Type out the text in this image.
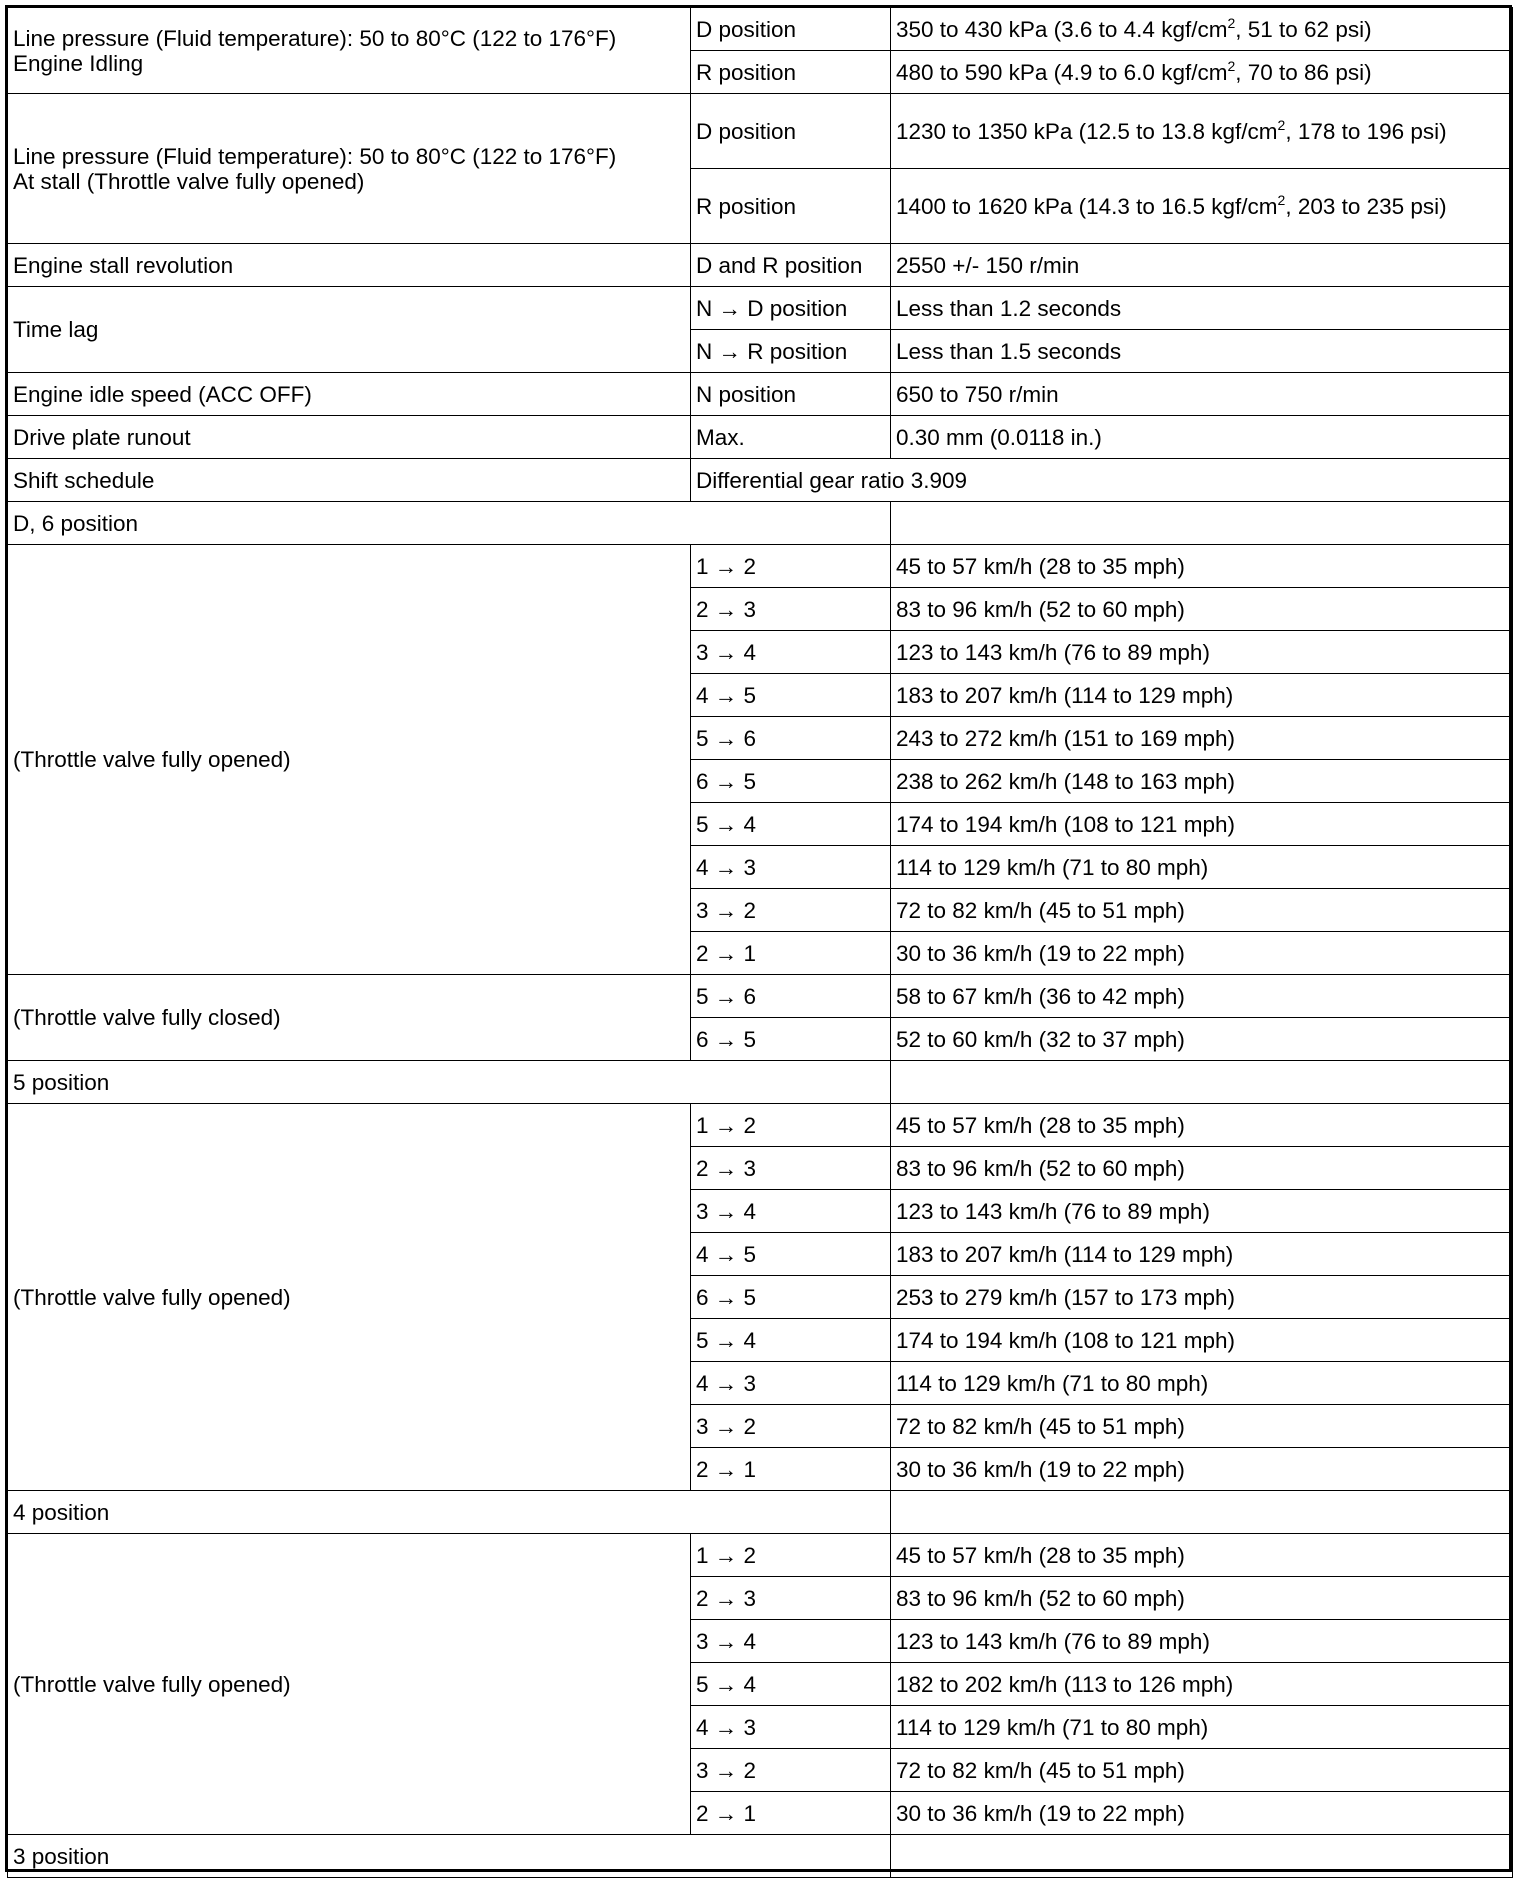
Line pressure (Fluid temperature): 50 to 80°C (122 to 176°F)
Engine Idling	D position	350 to 430 kPa (3.6 to 4.4 kgf/$cm^2$, 51 to 62 psi)
	R position	480 to 590 kPa (4.9 to 6.0 kgf/$cm^2$, 70 to 86 psi)

Line pressure (Fluid temperature): 50 to 80°C (122 to 176°F)
At stall (Throttle valve fully opened)	D position	1230 to 1350 kPa (12.5 to 13.8 kgf/$cm^2$, 178 to 196 psi)
	R position	1400 to 1620 kPa (14.3 to 16.5 kgf/$cm^2$, 203 to 235 psi)
Engine stall revolution	D and R position	2550 +/- 150 r/min
Time lag	N → D position	Less than 1.2 seconds
	N → R position	Less than 1.5 seconds
Engine idle speed (ACC OFF)	N position	650 to 750 r/min
Drive plate runout	Max.	0.30 mm (0.0118 in.)
Shift schedule	Differential gear ratio 3.909	
D, 6 position		
(Throttle valve fully opened)	1 → 2	45 to 57 km/h (28 to 35 mph)
	2 → 3	83 to 96 km/h (52 to 60 mph)
	3 → 4	123 to 143 km/h (76 to 89 mph)
	4 → 5	183 to 207 km/h (114 to 129 mph)
	5 → 6	243 to 272 km/h (151 to 169 mph)
	6 → 5	238 to 262 km/h (148 to 163 mph)
	5 → 4	174 to 194 km/h (108 to 121 mph)
	4 → 3	114 to 129 km/h (71 to 80 mph)
	3 → 2	72 to 82 km/h (45 to 51 mph)
	2 → 1	30 to 36 km/h (19 to 22 mph)
(Throttle valve fully closed)	5 → 6	58 to 67 km/h (36 to 42 mph)
	6 → 5	52 to 60 km/h (32 to 37 mph)
5 position		
(Throttle valve fully opened)	1 → 2	45 to 57 km/h (28 to 35 mph)
	2 → 3	83 to 96 km/h (52 to 60 mph)
	3 → 4	123 to 143 km/h (76 to 89 mph)
	4 → 5	183 to 207 km/h (114 to 129 mph)
	6 → 5	253 to 279 km/h (157 to 173 mph)
	5 → 4	174 to 194 km/h (108 to 121 mph)
	4 → 3	114 to 129 km/h (71 to 80 mph)
	3 → 2	72 to 82 km/h (45 to 51 mph)
	2 → 1	30 to 36 km/h (19 to 22 mph)
4 position		
(Throttle valve fully opened)	1 → 2	45 to 57 km/h (28 to 35 mph)
	2 → 3	83 to 96 km/h (52 to 60 mph)
	3 → 4	123 to 143 km/h (76 to 89 mph)
	5 → 4	182 to 202 km/h (113 to 126 mph)
	4 → 3	114 to 129 km/h (71 to 80 mph)
	3 → 2	72 to 82 km/h (45 to 51 mph)
	2 → 1	30 to 36 km/h (19 to 22 mph)
3 position		
